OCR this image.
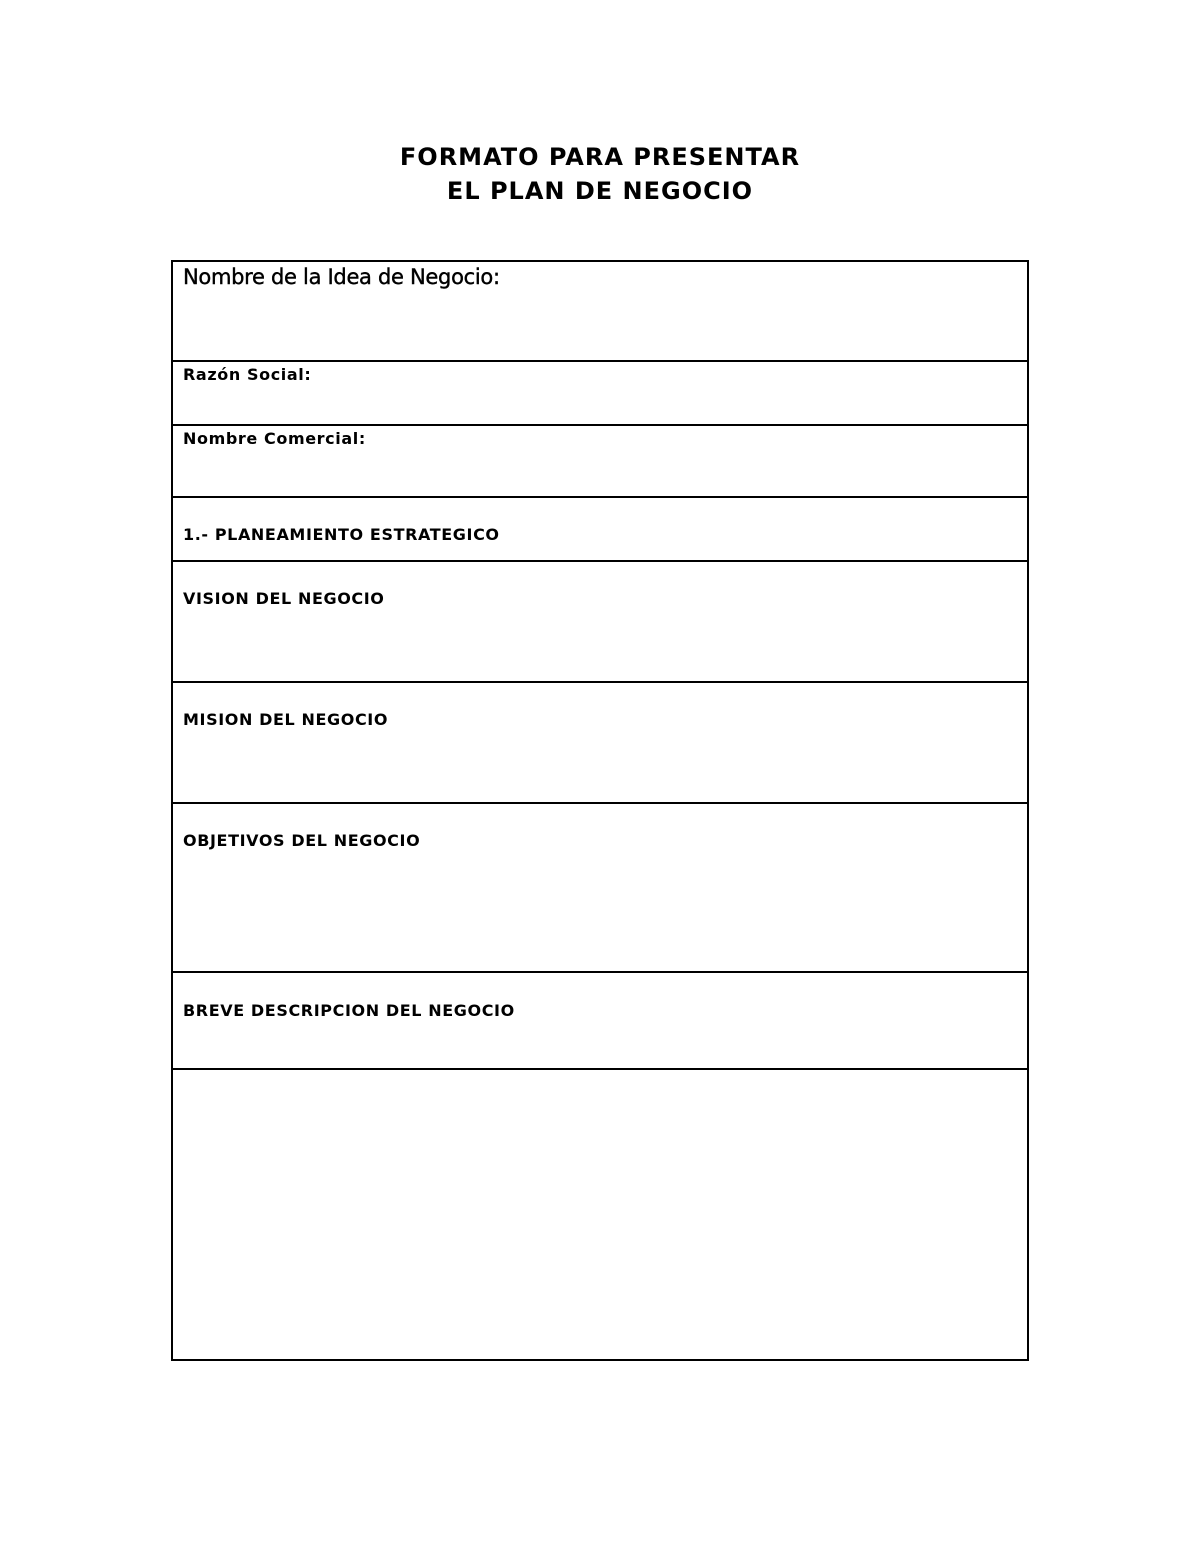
FORMATO PARA PRESENTAR
EL PLAN DE NEGOCIO
Nombre de la Idea de Negocio:
Razón Social:
Nombre Comercial:
1.- PLANEAMIENTO ESTRATEGICO
VISION DEL NEGOCIO
MISION DEL NEGOCIO
OBJETIVOS DEL NEGOCIO
BREVE DESCRIPCION DEL NEGOCIO
